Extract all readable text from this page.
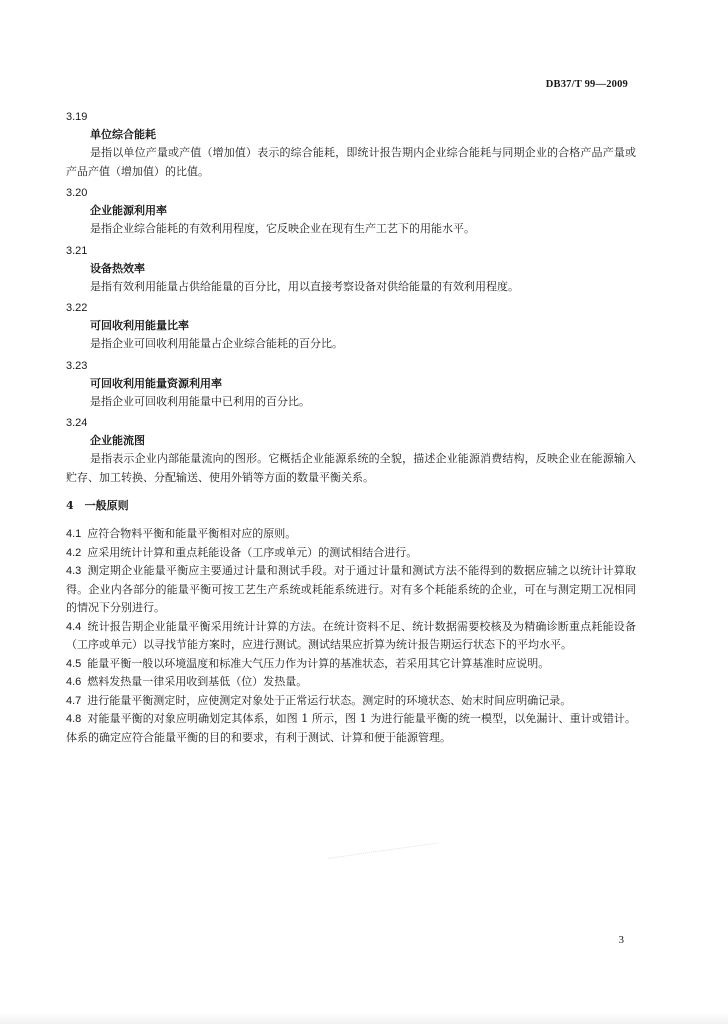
DB37/T 99—2009
3.19
单位综合能耗

是指以单位产量或产值（增加值）表示的综合能耗，即统计报告期内企业综合能耗与同期企业的合格产品产量或产品产值（增加值）的比值。

3.20
企业能源利用率

是指企业综合能耗的有效利用程度，它反映企业在现有生产工艺下的用能水平。

3.21
设备热效率

是指有效利用能量占供给能量的百分比，用以直接考察设备对供给能量的有效利用程度。

3.22
可回收利用能量比率

是指企业可回收利用能量占企业综合能耗的百分比。

3.23
可回收利用能量资源利用率

是指企业可回收利用能量中已利用的百分比。

3.24
企业能流图

是指表示企业内部能量流向的图形。它概括企业能源系统的全貌，描述企业能源消费结构，反映企业在能源输入贮存、加工转换、分配输送、使用外销等方面的数量平衡关系。

4　一般原则

4.1 应符合物料平衡和能量平衡相对应的原则。

4.2 应采用统计计算和重点耗能设备（工序或单元）的测试相结合进行。

4.3 测定期企业能量平衡应主要通过计量和测试手段。对于通过计量和测试方法不能得到的数据应辅之以统计计算取得。企业内各部分的能量平衡可按工艺生产系统或耗能系统进行。对有多个耗能系统的企业，可在与测定期工况相同的情况下分别进行。

4.4 统计报告期企业能量平衡采用统计计算的方法。在统计资料不足、统计数据需要校核及为精确诊断重点耗能设备（工序或单元）以寻找节能方案时，应进行测试。测试结果应折算为统计报告期运行状态下的平均水平。

4.5 能量平衡一般以环境温度和标准大气压力作为计算的基准状态，若采用其它计算基准时应说明。

4.6 燃料发热量一律采用收到基低（位）发热量。

4.7 进行能量平衡测定时，应使测定对象处于正常运行状态。测定时的环境状态、始末时间应明确记录。

4.8 对能量平衡的对象应明确划定其体系，如图 1 所示，图 1 为进行能量平衡的统一模型，以免漏计、重计或错计。体系的确定应符合能量平衡的目的和要求，有利于测试、计算和便于能源管理。

3
